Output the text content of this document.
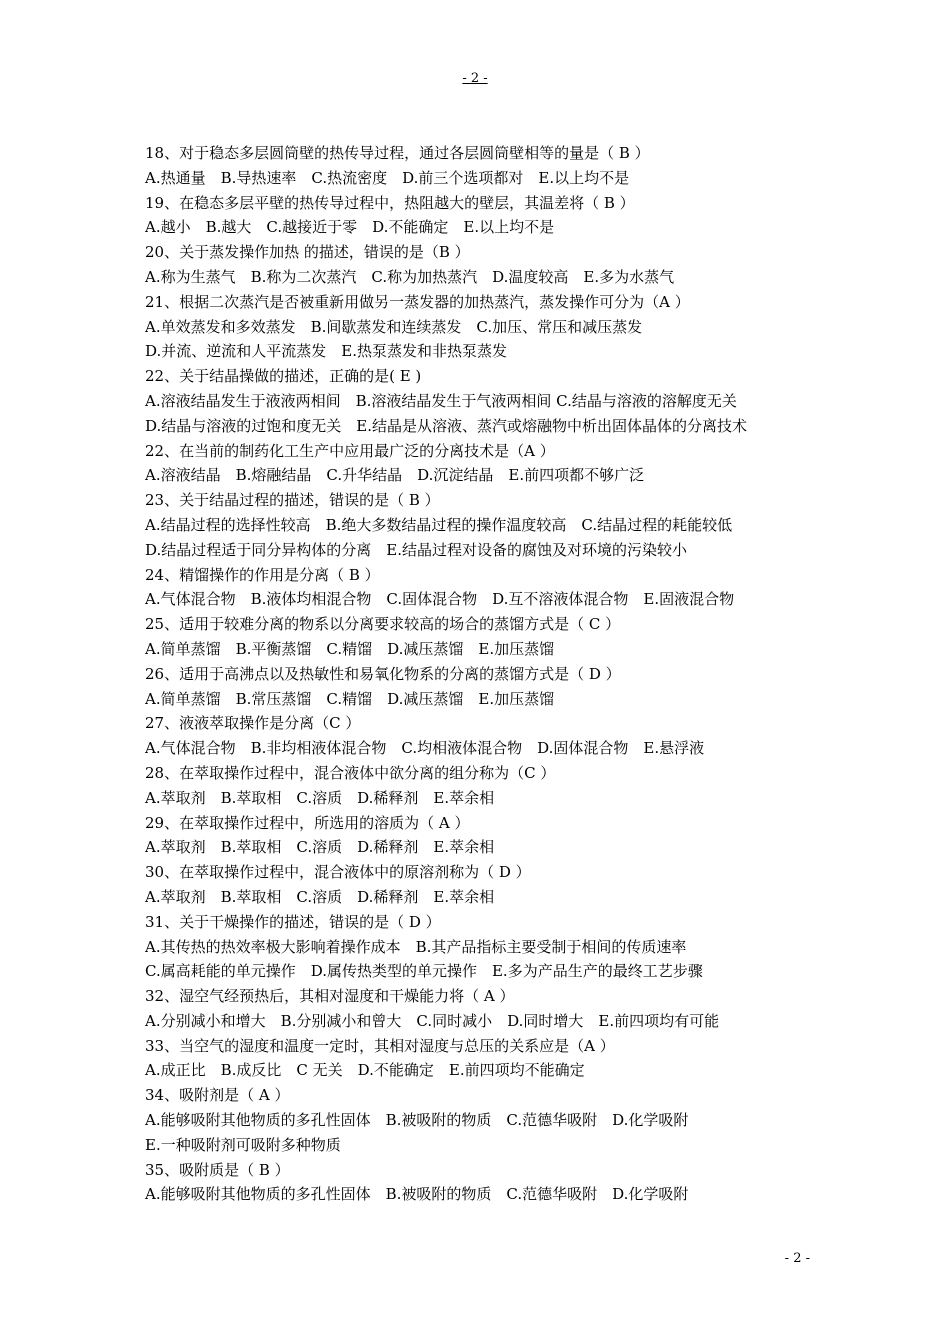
- 2 -
18、对于稳态多层圆筒壁的热传导过程，通过各层圆筒壁相等的量是（ B ）
A.热通量　B.导热速率　C.热流密度　D.前三个选项都对　E.以上均不是
19、在稳态多层平壁的热传导过程中，热阻越大的壁层，其温差将（ B ）
A.越小　B.越大　C.越接近于零　D.不能确定　E.以上均不是
20、关于蒸发操作加热 的描述，错误的是（B ）
A.称为生蒸气　B.称为二次蒸汽　C.称为加热蒸汽　D.温度较高　E.多为水蒸气
21、根据二次蒸汽是否被重新用做另一蒸发器的加热蒸汽，蒸发操作可分为（A ）
A.单效蒸发和多效蒸发　B.间歇蒸发和连续蒸发　C.加压、常压和减压蒸发
D.并流、逆流和人平流蒸发　E.热泵蒸发和非热泵蒸发
22、关于结晶操做的描述，正确的是( E )
A.溶液结晶发生于液液两相间　B.溶液结晶发生于气液两相间 C.结晶与溶液的溶解度无关
D.结晶与溶液的过饱和度无关　E.结晶是从溶液、蒸汽或熔融物中析出固体晶体的分离技术
22、在当前的制药化工生产中应用最广泛的分离技术是（A ）
A.溶液结晶　B.熔融结晶　C.升华结晶　D.沉淀结晶　E.前四项都不够广泛
23、关于结晶过程的描述，错误的是（ B ）
A.结晶过程的选择性较高　B.绝大多数结晶过程的操作温度较高　C.结晶过程的耗能较低
D.结晶过程适于同分异构体的分离　E.结晶过程对设备的腐蚀及对环境的污染较小
24、精馏操作的作用是分离（ B ）
A.气体混合物　B.液体均相混合物　C.固体混合物　D.互不溶液体混合物　E.固液混合物
25、适用于较难分离的物系以分离要求较高的场合的蒸馏方式是（ C ）
A.简单蒸馏　B.平衡蒸馏　C.精馏　D.减压蒸馏　E.加压蒸馏
26、适用于高沸点以及热敏性和易氧化物系的分离的蒸馏方式是（ D ）
A.简单蒸馏　B.常压蒸馏　C.精馏　D.减压蒸馏　E.加压蒸馏
27、液液萃取操作是分离（C ）
A.气体混合物　B.非均相液体混合物　C.均相液体混合物　D.固体混合物　E.悬浮液
28、在萃取操作过程中，混合液体中欲分离的组分称为（C ）
A.萃取剂　B.萃取相　C.溶质　D.稀释剂　E.萃余相
29、在萃取操作过程中，所选用的溶质为（ A ）
A.萃取剂　B.萃取相　C.溶质　D.稀释剂　E.萃余相
30、在萃取操作过程中，混合液体中的原溶剂称为（ D ）
A.萃取剂　B.萃取相　C.溶质　D.稀释剂　E.萃余相
31、关于干燥操作的描述，错误的是（ D ）
A.其传热的热效率极大影响着操作成本　B.其产品指标主要受制于相间的传质速率
C.属高耗能的单元操作　D.属传热类型的单元操作　E.多为产品生产的最终工艺步骤
32、湿空气经预热后，其相对湿度和干燥能力将（ A ）
A.分别减小和增大　B.分别减小和曾大　C.同时减小　D.同时增大　E.前四项均有可能
33、当空气的湿度和温度一定时，其相对湿度与总压的关系应是（A ）
A.成正比　B.成反比　C 无关　D.不能确定　E.前四项均不能确定
34、吸附剂是（ A ）
A.能够吸附其他物质的多孔性固体　B.被吸附的物质　C.范德华吸附　D.化学吸附
E.一种吸附剂可吸附多种物质
35、吸附质是（ B ）
A.能够吸附其他物质的多孔性固体　B.被吸附的物质　C.范德华吸附　D.化学吸附
- 2 -
